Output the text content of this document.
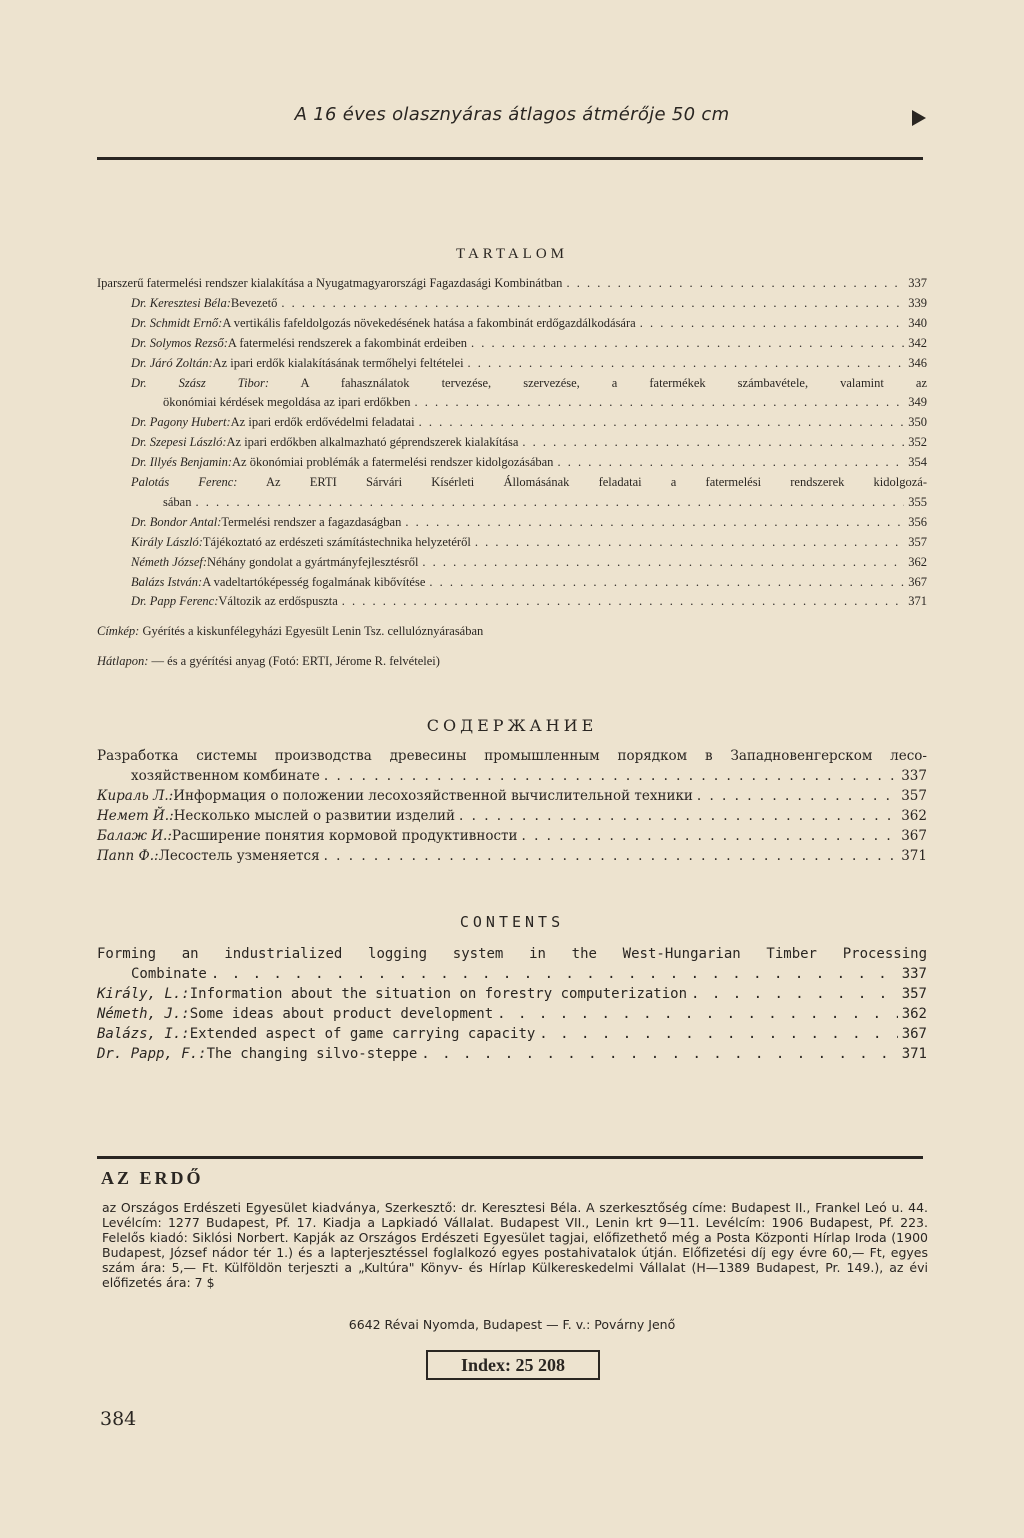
A 16 éves olasznyáras átlagos átmérője 50 cm
TARTALOM
Iparszerű fatermelési rendszer kialakítása a Nyugatmagyarországi Fagazdasági Kombinátban . . .	337
Dr. Keresztesi Béla: Bevezető . . .	339
Dr. Schmidt Ernő: A vertikális fafeldolgozás növekedésének hatása a fakombinát erdőgazdálkodására . . .	340
Dr. Solymos Rezső: A fatermelési rendszerek a fakombinát erdeiben . . .	342
Dr. Járó Zoltán: Az ipari erdők kialakításának termőhelyi feltételei . . .	346
Dr. Szász Tibor:	A fahasználatok tervezése, szervezése, a fatermékek számbavétele, valamint az
ökonómiai kérdések megoldása az ipari erdőkben . . .	349
Dr. Pagony Hubert: Az ipari erdők erdővédelmi feladatai . . .	350
Dr. Szepesi László: Az ipari erdőkben alkalmazható géprendszerek kialakítása . . .	352
Dr. Illyés Benjamin: Az ökonómiai problémák a fatermelési rendszer kidolgozásában . . .	354
Palotás Ferenc: Az ERTI Sárvári Kísérleti Állomásának feladatai a fatermelési rendszerek kidolgozá-
sában . . .	355
Dr. Bondor Antal: Termelési rendszer a fagazdaságban . . .	356
Király László: Tájékoztató az erdészeti számítástechnika helyzetéről . . .	357
Németh József: Néhány gondolat a gyártmányfejlesztésről . . .	362
Balázs István: A vadeltartóképesség fogalmának kibővítése . . .	367
Dr. Papp Ferenc: Változik az erdőspuszta . . .	371
Címkép: Gyérítés a kiskunfélegyházi Egyesült Lenin Tsz. cellulóznyárasában
Hátlapon: — és a gyérítési anyag (Fotó: ERTI, Jérome R. felvételei)
СОДЕРЖАНИЕ
Разработка системы производства древесины промышленным порядком в Западновенгерском лесо-
хозяйственном комбинате . . .	337
Кираль Л.: Информация о положении лесохозяйственной вычислительной техники . . .	357
Немет Й.: Несколько мыслей о развитии изделий . . .	362
Балаж И.: Расширение понятия кормовой продуктивности . . .	367
Папп Ф.: Лесостель узменяется . . .	371
CONTENTS
Forming an industrialized logging system in the West-Hungarian Timber Processing
Combinate . . .	337
Király, L.: Information about the situation on forestry computerization . . .	357
Németh, J.: Some ideas about product development . . .	362
Balázs, I.: Extended aspect of game carrying capacity . . .	367
Dr. Papp, F.: The changing silvo-steppe . . .	371
AZ ERDŐ
az Országos Erdészeti Egyesület kiadványa, Szerkesztő: dr. Keresztesi Béla. A szerkesztőség címe: Budapest II., Frankel Leó u. 44. Levélcím: 1277 Budapest, Pf. 17. Kiadja a Lapkiadó Vállalat. Budapest VII., Lenin krt 9—11. Levélcím: 1906 Budapest, Pf. 223. Felelős kiadó: Siklósi Norbert. Kapják az Országos Erdészeti Egyesület tagjai, előfizethető még a Posta Központi Hírlap Iroda (1900 Budapest, József nádor tér 1.) és a lapterjesztéssel foglalkozó egyes postahivatalok útján. Előfizetési díj egy évre 60,— Ft, egyes szám ára: 5,— Ft. Külföldön terjeszti a „Kultúra" Könyv- és Hírlap Külkereskedelmi Vállalat (H—1389 Budapest, Pr. 149.), az évi előfizetés ára: 7 $
6642 Révai Nyomda, Budapest — F. v.: Povárny Jenő
Index: 25 208
384
